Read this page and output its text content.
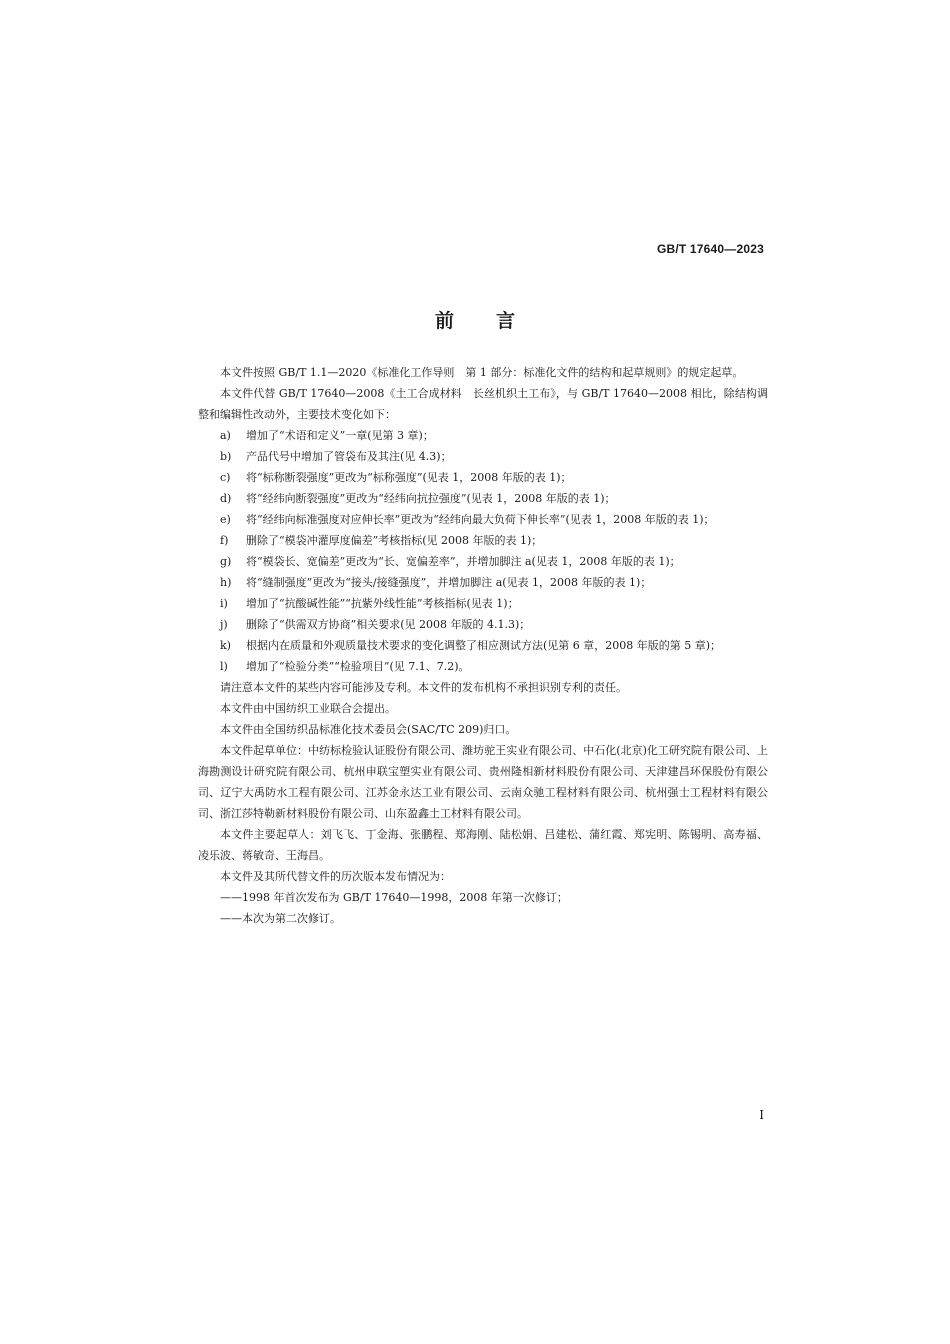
GB/T 17640—2023
前言

本文件按照 GB/T 1.1—2020《标准化工作导则　第 1 部分：标准化文件的结构和起草规则》的规定起草。

本文件代替 GB/T 17640—2008《土工合成材料　长丝机织土工布》，与 GB/T 17640—2008 相比，除结构调整和编辑性改动外，主要技术变化如下：

a)	增加了“术语和定义”一章(见第 3 章)；
b)	产品代号中增加了管袋布及其注(见 4.3)；
c)	将“标称断裂强度”更改为“标称强度”(见表 1，2008 年版的表 1)；
d)	将“经纬向断裂强度”更改为“经纬向抗拉强度”(见表 1，2008 年版的表 1)；
e)	将“经纬向标准强度对应伸长率”更改为“经纬向最大负荷下伸长率”(见表 1，2008 年版的表 1)；
f)	删除了“模袋冲灌厚度偏差”考核指标(见 2008 年版的表 1)；
g)	将“模袋长、宽偏差”更改为“长、宽偏差率”，并增加脚注 a(见表 1，2008 年版的表 1)；
h)	将“缝制强度”更改为“接头/接缝强度”，并增加脚注 a(见表 1，2008 年版的表 1)；
i)	增加了“抗酸碱性能”“抗紫外线性能”考核指标(见表 1)；
j)	删除了“供需双方协商”相关要求(见 2008 年版的 4.1.3)；
k)	根据内在质量和外观质量技术要求的变化调整了相应测试方法(见第 6 章，2008 年版的第 5 章)；
l)	增加了“检验分类”“检验项目”(见 7.1、7.2)。

请注意本文件的某些内容可能涉及专利。本文件的发布机构不承担识别专利的责任。

本文件由中国纺织工业联合会提出。

本文件由全国纺织品标准化技术委员会(SAC/TC 209)归口。

本文件起草单位：中纺标检验认证股份有限公司、潍坊驼王实业有限公司、中石化(北京)化工研究院有限公司、上海勘测设计研究院有限公司、杭州申联宝塑实业有限公司、贵州隆相新材料股份有限公司、天津建昌环保股份有限公司、辽宁大禹防水工程有限公司、江苏金永达工业有限公司、云南众驰工程材料有限公司、杭州强士工程材料有限公司、浙江莎特勒新材料股份有限公司、山东盈鑫土工材料有限公司。

本文件主要起草人：刘飞飞、丁金海、张鹏程、郑海刚、陆松娟、吕建松、蒲红霞、郑宪明、陈锡明、高寿福、凌乐波、蒋敏奇、王海昌。

本文件及其所代替文件的历次版本发布情况为：

——1998 年首次发布为 GB/T 17640—1998，2008 年第一次修订；

——本次为第二次修订。

I
